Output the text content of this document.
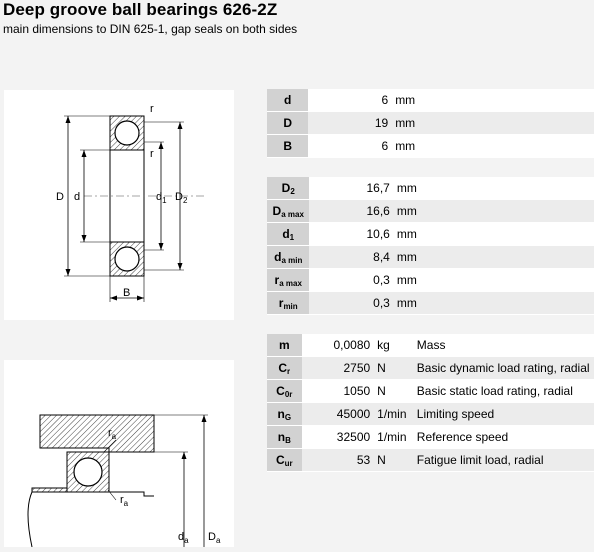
Deep groove ball bearings 626-2Z
main dimensions to DIN 625-1, gap seals on both sides
r
r
D d	$d_1$ $D_2$
B
$r_a$
$r_a$
$d_a$ $D_a$
d	6	mm	
D	19	mm	
B	6	mm	
$D_2$	16,7	mm	
$D_{a max}$	16,6	mm	
$d_1$	10,6	mm	
$d_{a min}$	8,4	mm	
$r_{a max}$	0,3	mm	
$r_{min}$	0,3	mm	
m	0,0080	kg	Mass
$C_r$	2750	N	Basic dynamic load rating, radial
$C_{0r}$	1050	N	Basic static load rating, radial
$n_G$	45000	1/min	Limiting speed
$n_B$	32500	1/min	Reference speed
$C_{ur}$	53	N	Fatigue limit load, radial
